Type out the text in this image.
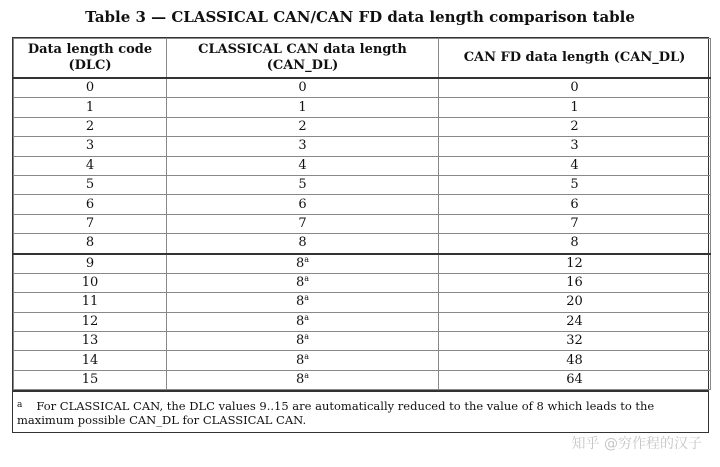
Table 3 — CLASSICAL CAN/CAN FD data length comparison table
Data length code (DLC)	CLASSICAL CAN data length (CAN_DL)	CAN FD data length (CAN_DL)
0	0	0
1	1	1
2	2	2
3	3	3
4	4	4
5	5	5
6	6	6
7	7	7
8	8	8
9	8$^a$	12
10	8$^a$	16
11	8$^a$	20
12	8$^a$	24
13	8$^a$	32
14	8$^a$	48
15	8$^a$	64
$^a$ For CLASSICAL CAN, the DLC values 9..15 are automatically reduced to the value of 8 which leads to the maximum possible CAN_DL for CLASSICAL CAN.
知乎 @穷作程的汉子
